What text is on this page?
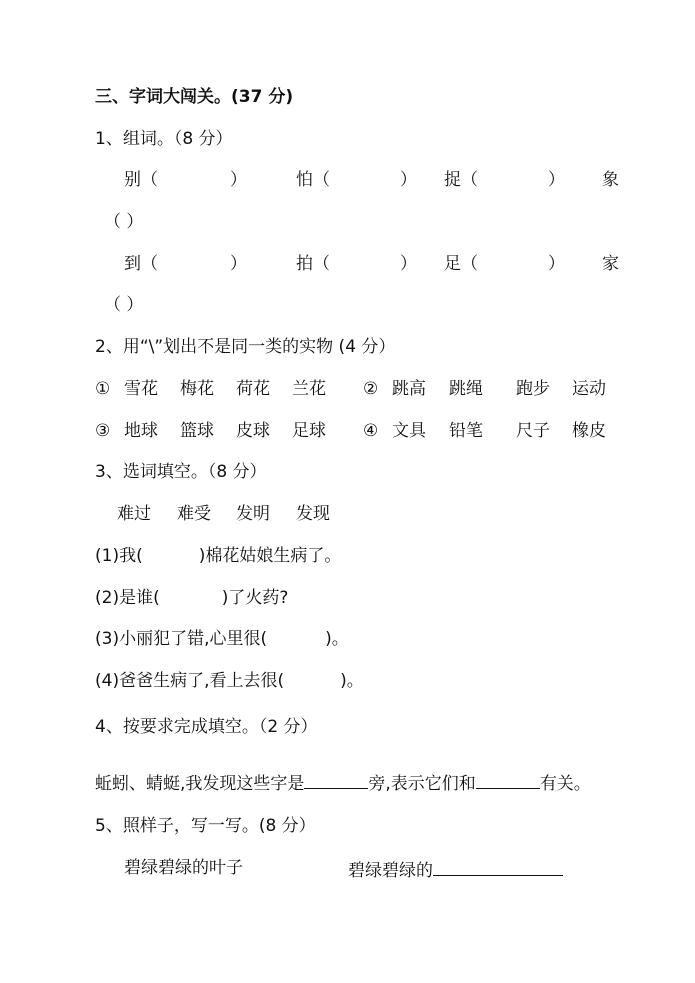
三、字词大闯关。(37 分)
1、组词。（8 分）
别（	）	怕（	） 捉（	） 象
（ ）
到（	）	拍（	） 足（	） 家
（ ）
2、用“\”划出不是同一类的实物 (4 分）
① 雪花 梅花 荷花 兰花 ② 跳高 跳绳 跑步 运动
③ 地球 篮球 皮球 足球 ④ 文具 铅笔 尺子 橡皮
3、选词填空。（8 分）
难过 难受 发明 发现
(1)我(	)棉花姑娘生病了。
(2)是谁(	)了火药?
(3)小丽犯了错,心里很(	)。
(4)爸爸生病了,看上去很(	)。
4、按要求完成填空。（2 分）
蚯蚓、蜻蜓,我发现这些字是	旁,表示它们和	有关。
5、照样子，写一写。(8 分）
碧绿碧绿的叶子	碧绿碧绿的
